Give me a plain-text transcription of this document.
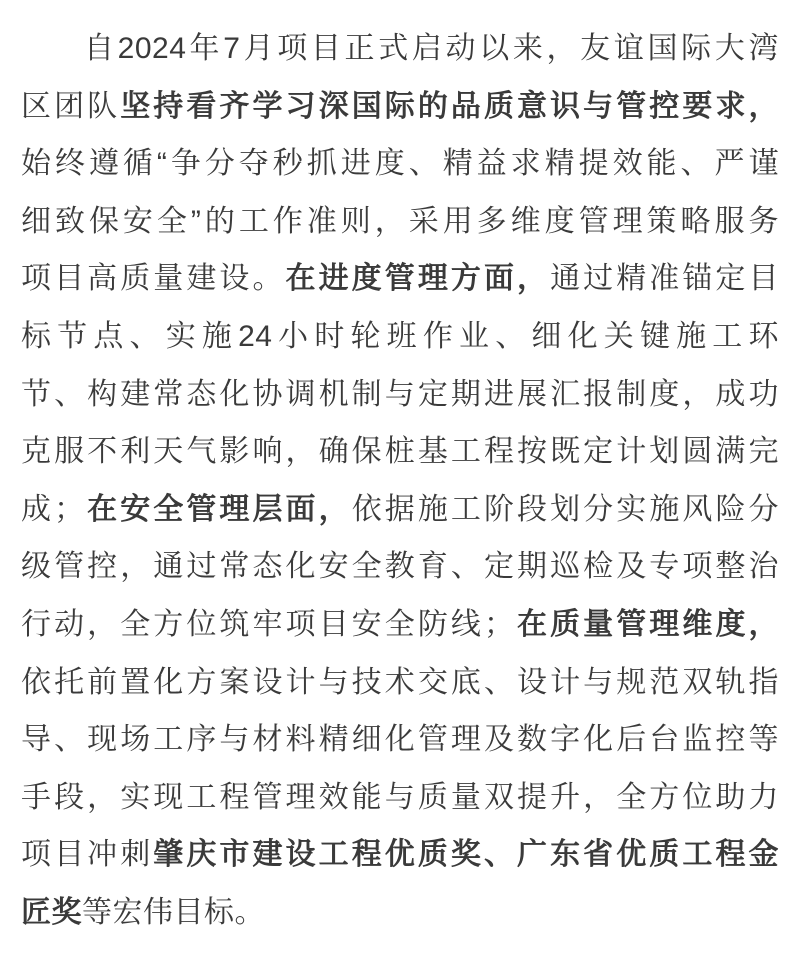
自2024年7月项目正式启动以来，友谊国际大湾
区团队坚持看齐学习深国际的品质意识与管控要求，
始终遵循“争分夺秒抓进度、精益求精提效能、严谨
细致保安全”的工作准则，采用多维度管理策略服务
项目高质量建设。在进度管理方面，通过精准锚定目
标节点、实施24小时轮班作业、细化关键施工环
节、构建常态化协调机制与定期进展汇报制度，成功
克服不利天气影响，确保桩基工程按既定计划圆满完
成；在安全管理层面，依据施工阶段划分实施风险分
级管控，通过常态化安全教育、定期巡检及专项整治
行动，全方位筑牢项目安全防线；在质量管理维度，
依托前置化方案设计与技术交底、设计与规范双轨指
导、现场工序与材料精细化管理及数字化后台监控等
手段，实现工程管理效能与质量双提升，全方位助力
项目冲刺肇庆市建设工程优质奖、广东省优质工程金
匠奖等宏伟目标。
